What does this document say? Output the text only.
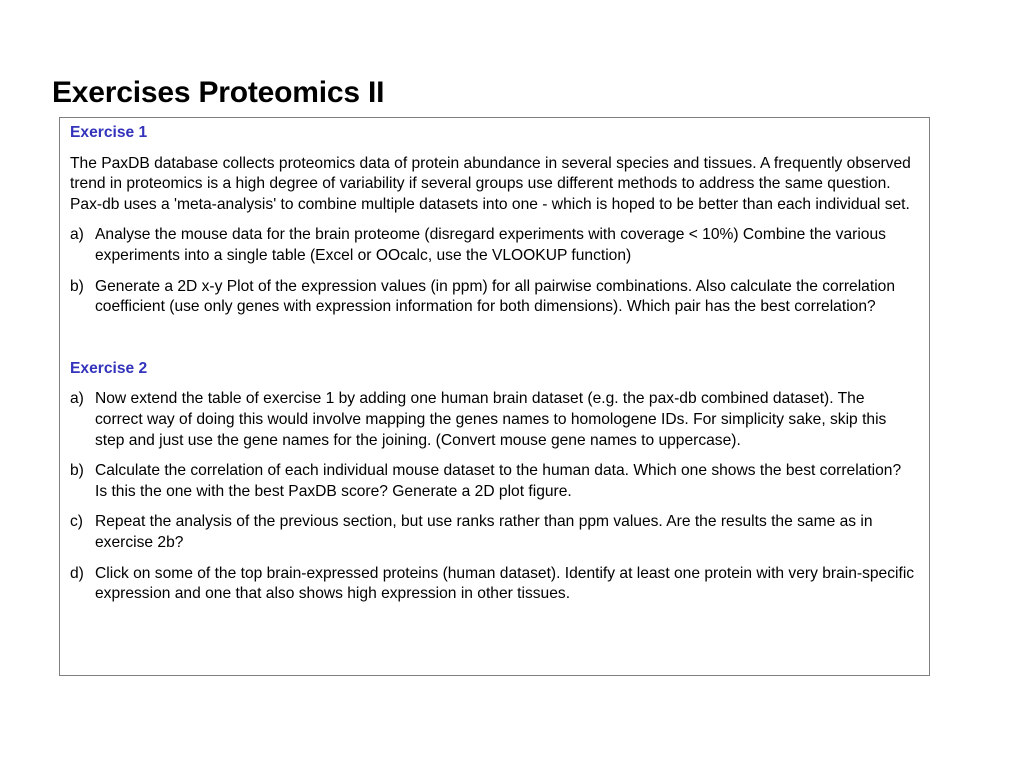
Exercises Proteomics II
Exercise 1
The PaxDB database collects proteomics data of protein abundance in several species and tissues. A frequently observed trend in proteomics is a high degree of variability if several groups use different methods to address the same question. Pax-db uses a 'meta-analysis' to combine multiple datasets into one - which is hoped to be better than each individual set.
a) Analyse the mouse data for the brain proteome (disregard experiments with coverage < 10%) Combine the various experiments into a single table (Excel or OOcalc, use the VLOOKUP function)
b) Generate a 2D x-y Plot of the expression values (in ppm) for all pairwise combinations. Also calculate the correlation coefficient (use only genes with expression information for both dimensions). Which pair has the best correlation?
Exercise 2
a) Now extend the table of exercise 1 by adding one human brain dataset (e.g. the pax-db combined dataset). The correct way of doing this would involve mapping the genes names to homologene IDs. For simplicity sake, skip this step and just use the gene names for the joining. (Convert mouse gene names to uppercase).
b) Calculate the correlation of each individual mouse dataset to the human data. Which one shows the best correlation? Is this the one with the best PaxDB score? Generate a 2D plot figure.
c) Repeat the analysis of the previous section, but use ranks rather than ppm values. Are the results the same as in exercise 2b?
d) Click on some of the top brain-expressed proteins (human dataset). Identify at least one protein with very brain-specific expression and one that also shows high expression in other tissues.
